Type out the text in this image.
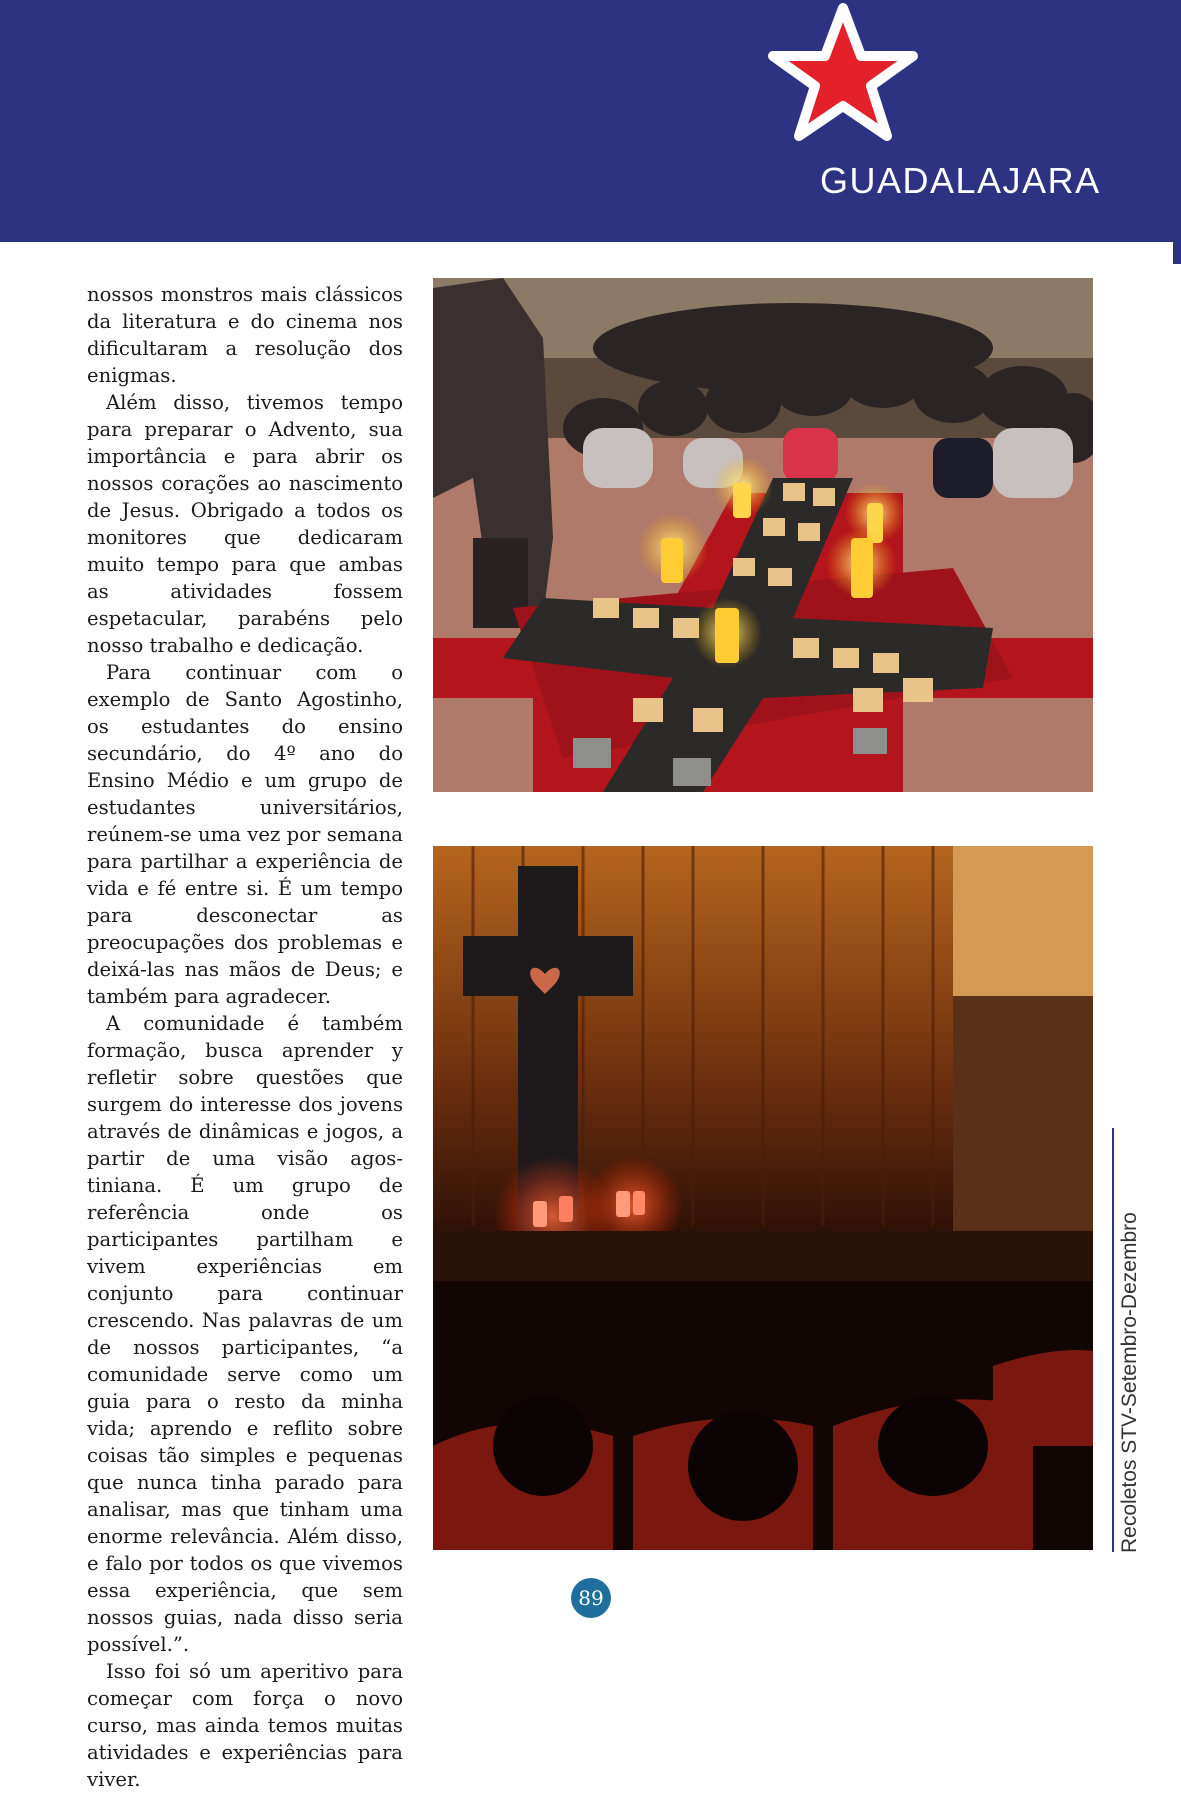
GUADALAJARA

nossos monstros mais clássicos da literatura e do cinema nos dificultaram a resolução dos enigmas.

Além disso, tivemos tempo para preparar o Advento, sua importância e para abrir os nossos corações ao nascimento de Jesus. Obrigado a todos os monitores que dedicaram muito tempo para que ambas as atividades fossem espetacular, parabéns pelo nosso trabalho e dedicação.

Para continuar com o exemplo de Santo Agostinho, os estudantes do ensino secundário, do 4º ano do Ensino Médio e um grupo de estudantes universitários, reúnem-se uma vez por semana para partilhar a experiência de vida e fé entre si. É um tempo para desconectar as preocupações dos problemas e deixá-las nas mãos de Deus; e também para agradecer.

A comunidade é também formação, busca aprender y refletir sobre questões que surgem do interesse dos jovens através de dinâmicas e jogos, a partir de uma visão agostiniana. É um grupo de referência onde os participantes partilham e vivem experiências em conjunto para continuar crescendo. Nas palavras de um de nossos participantes, “a comunidade serve como um guia para o resto da minha vida; aprendo e reflito sobre coisas tão simples e pequenas que nunca tinha parado para analisar, mas que tinham uma enorme relevância. Além disso, e falo por todos os que vivemos essa experiência, que sem nossos guias, nada disso seria possível.”.

Isso foi só um aperitivo para começar com força o novo curso, mas ainda temos muitas atividades e experiências para viver.

Recoletos STV-Setembro-Dezembro
89
